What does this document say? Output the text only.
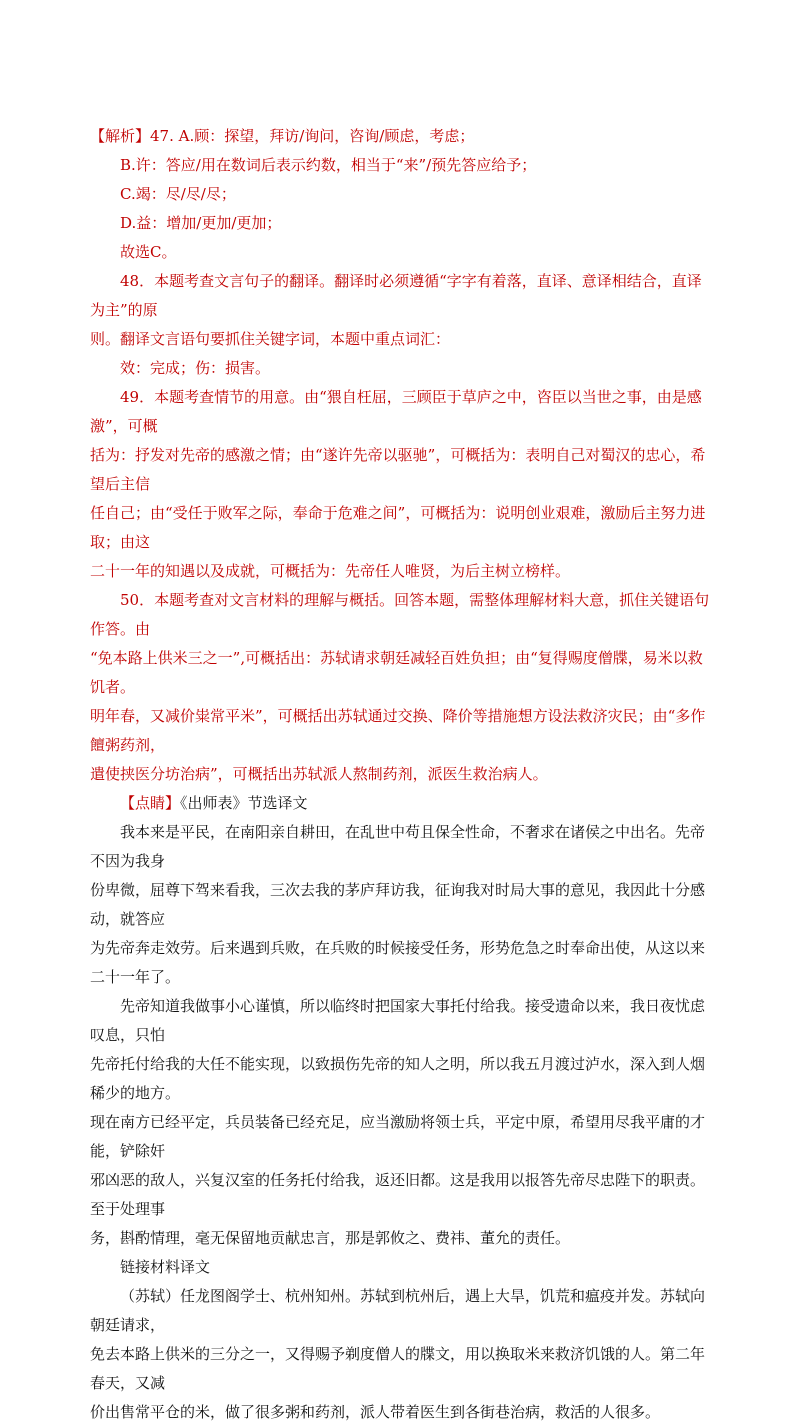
【解析】47. A.顾：探望，拜访/询问，咨询/顾虑，考虑；

B.许：答应/用在数词后表示约数，相当于“来”/预先答应给予；

C.竭：尽/尽/尽；

D.益：增加/更加/更加；

故选C。

48．本题考查文言句子的翻译。翻译时必须遵循“字字有着落，直译、意译相结合，直译为主”的原

则。翻译文言语句要抓住关键字词，本题中重点词汇：

效：完成；伤：损害。

49．本题考查情节的用意。由“猥自枉屈，三顾臣于草庐之中，咨臣以当世之事，由是感激”，可概

括为：抒发对先帝的感激之情；由“遂许先帝以驱驰”，可概括为：表明自己对蜀汉的忠心，希望后主信

任自己；由“受任于败军之际，奉命于危难之间”，可概括为：说明创业艰难，激励后主努力进取；由这

二十一年的知遇以及成就，可概括为：先帝任人唯贤，为后主树立榜样。

50．本题考查对文言材料的理解与概括。回答本题，需整体理解材料大意，抓住关键语句作答。由

“免本路上供米三之一”,可概括出：苏轼请求朝廷减轻百姓负担；由“复得赐度僧牒，易米以救饥者。

明年春，又减价粜常平米”，可概括出苏轼通过交换、降价等措施想方设法救济灾民；由“多作饘粥药剂，

遣使挟医分坊治病”，可概括出苏轼派人熬制药剂，派医生救治病人。

【点睛】《出师表》节选译文

我本来是平民，在南阳亲自耕田，在乱世中苟且保全性命，不奢求在诸侯之中出名。先帝不因为我身

份卑微，屈尊下驾来看我，三次去我的茅庐拜访我，征询我对时局大事的意见，我因此十分感动，就答应

为先帝奔走效劳。后来遇到兵败，在兵败的时候接受任务，形势危急之时奉命出使，从这以来二十一年了。

先帝知道我做事小心谨慎，所以临终时把国家大事托付给我。接受遗命以来，我日夜忧虑叹息，只怕

先帝托付给我的大任不能实现，以致损伤先帝的知人之明，所以我五月渡过泸水，深入到人烟稀少的地方。

现在南方已经平定，兵员装备已经充足，应当激励将领士兵，平定中原，希望用尽我平庸的才能，铲除奸

邪凶恶的敌人，兴复汉室的任务托付给我，返还旧都。这是我用以报答先帝尽忠陛下的职责。至于处理事

务，斟酌情理，毫无保留地贡献忠言，那是郭攸之、费祎、董允的责任。

链接材料译文

（苏轼）任龙图阁学士、杭州知州。苏轼到杭州后，遇上大旱，饥荒和瘟疫并发。苏轼向朝廷请求，

免去本路上供米的三分之一，又得赐予剃度僧人的牒文，用以换取米来救济饥饿的人。第二年春天，又减

价出售常平仓的米，做了很多粥和药剂，派人带着医生到各街巷治病，救活的人很多。
